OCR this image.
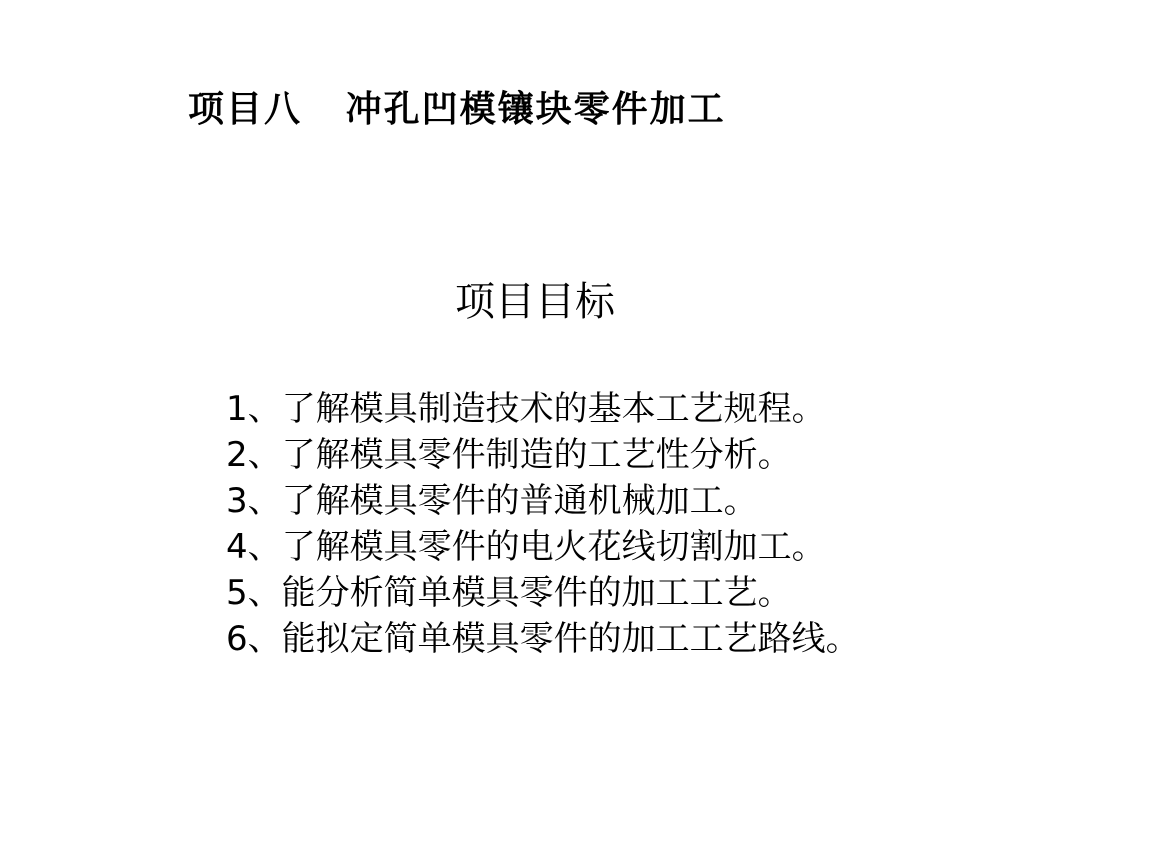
项目八   冲孔凹模镶块零件加工
项目目标
1、了解模具制造技术的基本工艺规程。
2、了解模具零件制造的工艺性分析。
3、了解模具零件的普通机械加工。
4、了解模具零件的电火花线切割加工。
5、能分析简单模具零件的加工工艺。
6、能拟定简单模具零件的加工工艺路线。
